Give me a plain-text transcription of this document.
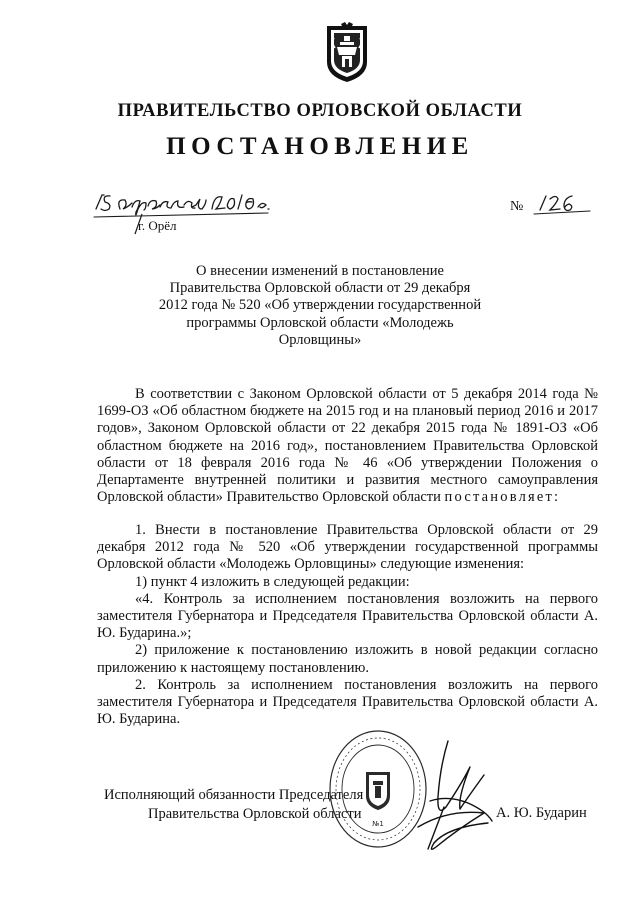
ПРАВИТЕЛЬСТВО ОРЛОВСКОЙ ОБЛАСТИ
ПОСТАНОВЛЕНИЕ
г. Орёл
№
О внесении изменений в постановление
Правительства Орловской области от 29 декабря
2012 года № 520 «Об утверждении государственной
программы Орловской области «Молодежь
Орловщины»

В соответствии с Законом Орловской области от 5 декабря 2014 года № 1699-ОЗ «Об областном бюджете на 2015 год и на плановый период 2016 и 2017 годов», Законом Орловской области от 22 декабря 2015 года № 1891-ОЗ «Об областном бюджете на 2016 год», постановлением Правительства Орловской области от 18 февраля 2016 года № 46 «Об утверждении Положения о Департаменте внутренней политики и развития местного самоуправления Орловской области» Правительство Орловской области постановляет:

1. Внести в постановление Правительства Орловской области от 29 декабря 2012 года № 520 «Об утверждении государственной программы Орловской области «Молодежь Орловщины» следующие изменения:

1) пункт 4 изложить в следующей редакции:

«4. Контроль за исполнением постановления возложить на первого заместителя Губернатора и Председателя Правительства Орловской области А. Ю. Бударина.»;

2) приложение к постановлению изложить в новой редакции согласно приложению к настоящему постановлению.

2. Контроль за исполнением постановления возложить на первого заместителя Губернатора и Председателя Правительства Орловской области А. Ю. Бударина.

Исполняющий обязанности Председателя
Правительства Орловской области
№1
А. Ю. Бударин
